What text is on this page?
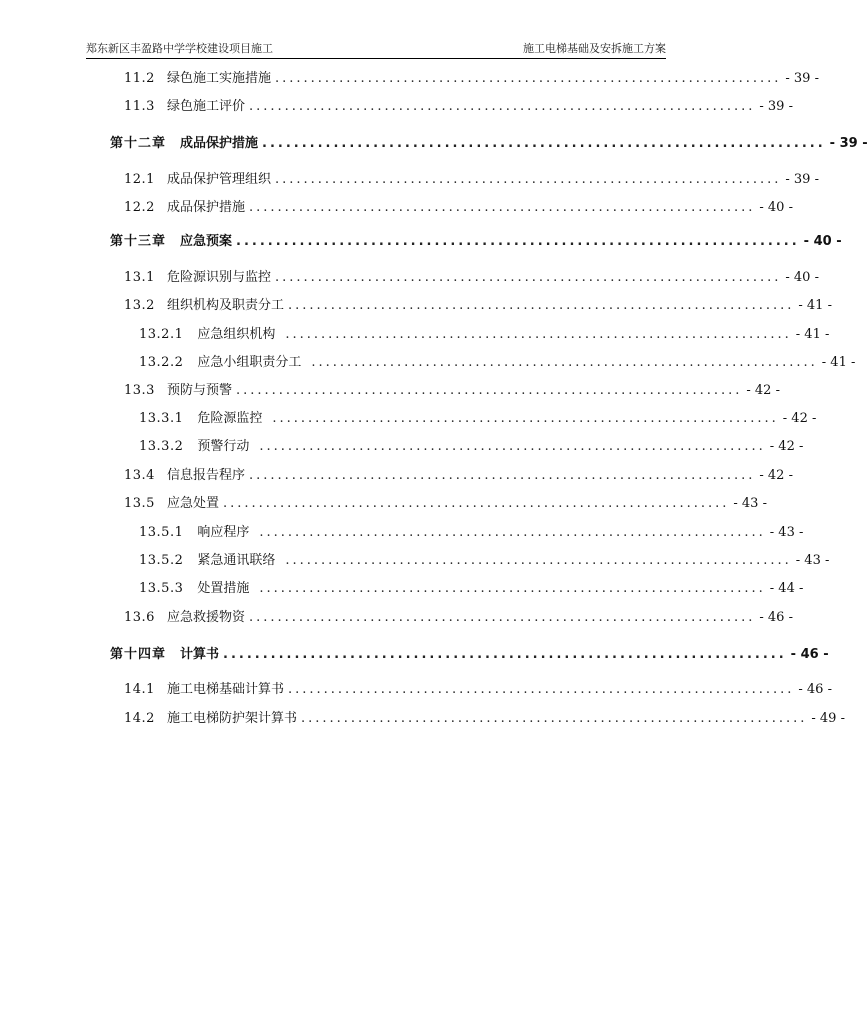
郑东新区丰盈路中学学校建设项目施工	施工电梯基础及安拆施工方案
11.2 绿色施工实施措施 ....................................................................... - 39 -
11.3 绿色施工评价 ....................................................................... - 39 -
第十二章 成品保护措施 ....................................................................... - 39 -
12.1 成品保护管理组织 ....................................................................... - 39 -
12.2 成品保护措施 ....................................................................... - 40 -
第十三章 应急预案 ....................................................................... - 40 -
13.1 危险源识别与监控 ....................................................................... - 40 -
13.2 组织机构及职责分工 ....................................................................... - 41 -
13.2.1 应急组织机构 ....................................................................... - 41 -
13.2.2 应急小组职责分工 ....................................................................... - 41 -
13.3 预防与预警 ....................................................................... - 42 -
13.3.1 危险源监控 ....................................................................... - 42 -
13.3.2 预警行动 ....................................................................... - 42 -
13.4 信息报告程序 ....................................................................... - 42 -
13.5 应急处置 ....................................................................... - 43 -
13.5.1 响应程序 ....................................................................... - 43 -
13.5.2 紧急通讯联络 ....................................................................... - 43 -
13.5.3 处置措施 ....................................................................... - 44 -
13.6 应急救援物资 ....................................................................... - 46 -
第十四章 计算书 ....................................................................... - 46 -
14.1 施工电梯基础计算书 ....................................................................... - 46 -
14.2 施工电梯防护架计算书 ....................................................................... - 49 -
